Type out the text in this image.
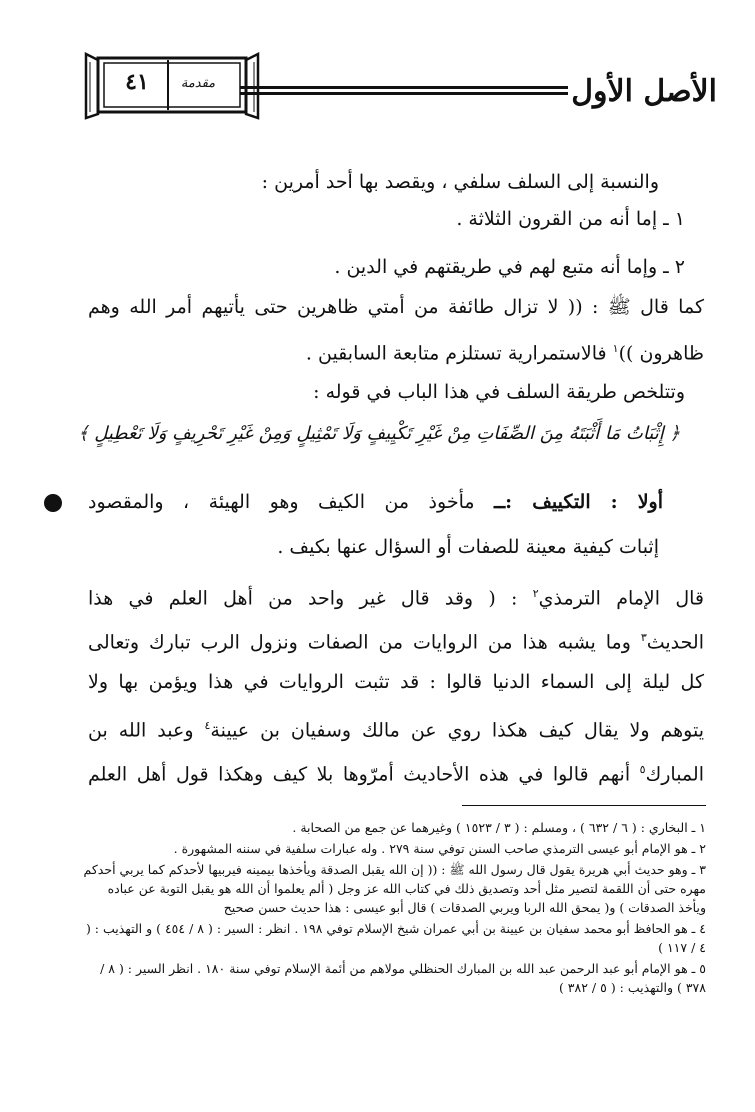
الأصل الأول
٤١	مقدمة
والنسبة إلى السلف سلفي ، ويقصد بها أحد أمرين :
١ ـ إما أنه من القرون الثلاثة .
٢ ـ وإما أنه متبع لهم في طريقتهم في الدين .
كما قال ﷺ : (( لا تزال طائفة من أمتي ظاهرين حتى يأتيهم أمر الله وهم
ظاهرون ))$^١$ فالاستمرارية تستلزم متابعة السابقين .
وتتلخص طريقة السلف في هذا الباب في قوله :
﴿ إِثْبَاتُ مَا أَثْبَتَهُ مِنَ الصِّفَاتِ مِنْ غَيْرِ تَكْيِيفٍ وَلَا تَمْثِيلٍ وَمِنْ غَيْرِ تَحْرِيفٍ وَلَا تَعْطِيلٍ ﴾
أولا : التكييف :ــ مأخوذ من الكيف وهو الهيئة ، والمقصود
إثبات كيفية معينة للصفات أو السؤال عنها بكيف .

قال الإمام الترمذي$^٢$ : ( وقد قال غير واحد من أهل العلم في هذا

الحديث$^٣$ وما يشبه هذا من الروايات من الصفات ونزول الرب تبارك وتعالى

كل ليلة إلى السماء الدنيا قالوا : قد تثبت الروايات في هذا ويؤمن بها ولا

يتوهم ولا يقال كيف هكذا روي عن مالك وسفيان بن عيينة$^٤$ وعبد الله بن

المبارك$^٥$ أنهم قالوا في هذه الأحاديث أمرّوها بلا كيف وهكذا قول أهل العلم

١ ـ البخاري : ( ٦ / ٦٣٢ ) ، ومسلم : ( ٣ / ١٥٢٣ ) وغيرهما عن جمع من الصحابة .
٢ ـ هو الإمام أبو عيسى الترمذي صاحب السنن توفي سنة ٢٧٩ . وله عبارات سلفية في سننه المشهورة .
٣ ـ وهو حديث أبي هريرة يقول قال رسول الله ﷺ : (( إن الله يقبل الصدقة ويأخذها بيمينه فيربيها لأحدكم كما يربي أحدكم مهره حتى أن اللقمة لتصير مثل أحد وتصديق ذلك في كتاب الله عز وجل ( ألم يعلموا أن الله هو يقبل التوبة عن عباده ويأخذ الصدقات ) و( يمحق الله الربا ويربي الصدقات ) قال أبو عيسى : هذا حديث حسن صحيح
٤ ـ هو الحافظ أبو محمد سفيان بن عيينة بن أبي عمران شيخ الإسلام توفي ١٩٨ . انظر : السير : ( ٨ / ٤٥٤ ) و التهذيب : ( ٤ / ١١٧ )
٥ ـ هو الإمام أبو عبد الرحمن عبد الله بن المبارك الحنظلي مولاهم من أئمة الإسلام توفي سنة ١٨٠ . انظر السير : ( ٨ / ٣٧٨ ) والتهذيب : ( ٥ / ٣٨٢ )
